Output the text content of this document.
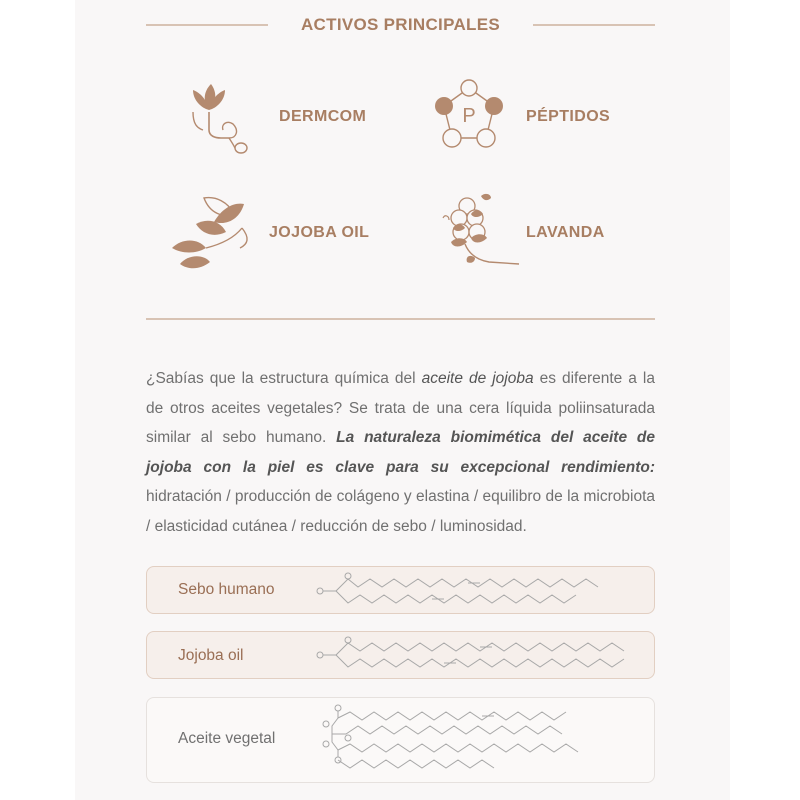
ACTIVOS PRINCIPALES
DERMCOM	P	PÉPTIDOS
JOJOBA OIL	LAVANDA

¿Sabías que la estructura química del aceite de jojoba es diferente a la de otros aceites vegetales? Se trata de una cera líquida poliinsaturada similar al sebo humano. La naturaleza biomimética del aceite de jojoba con la piel es clave para su excepcional rendimiento: hidratación / producción de colágeno y elastina / equilibro de la microbiota / elasticidad cutánea / reducción de sebo / luminosidad.

Sebo humano
Jojoba oil
Aceite vegetal
